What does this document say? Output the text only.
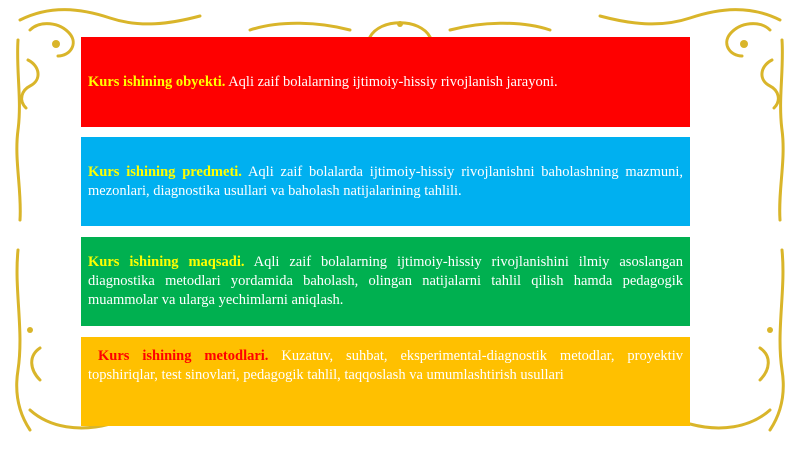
Kurs ishining obyekti. Aqli zaif bolalarning ijtimoiy-hissiy rivojlanish jarayoni.

Kurs ishining predmeti. Aqli zaif bolalarda ijtimoiy-hissiy rivojlanishni baholashning mazmuni, mezonlari, diagnostika usullari va baholash natijalarining tahlili.

Kurs ishining maqsadi. Aqli zaif bolalarning ijtimoiy-hissiy rivojlanishini ilmiy asoslangan diagnostika metodlari yordamida baholash, olingan natijalarni tahlil qilish hamda pedagogik muammolar va ularga yechimlarni aniqlash.

Kurs ishining metodlari. Kuzatuv, suhbat, eksperimental-diagnostik metodlar, proyektiv topshiriqlar, test sinovlari, pedagogik tahlil, taqqoslash va umumlashtirish usullari
